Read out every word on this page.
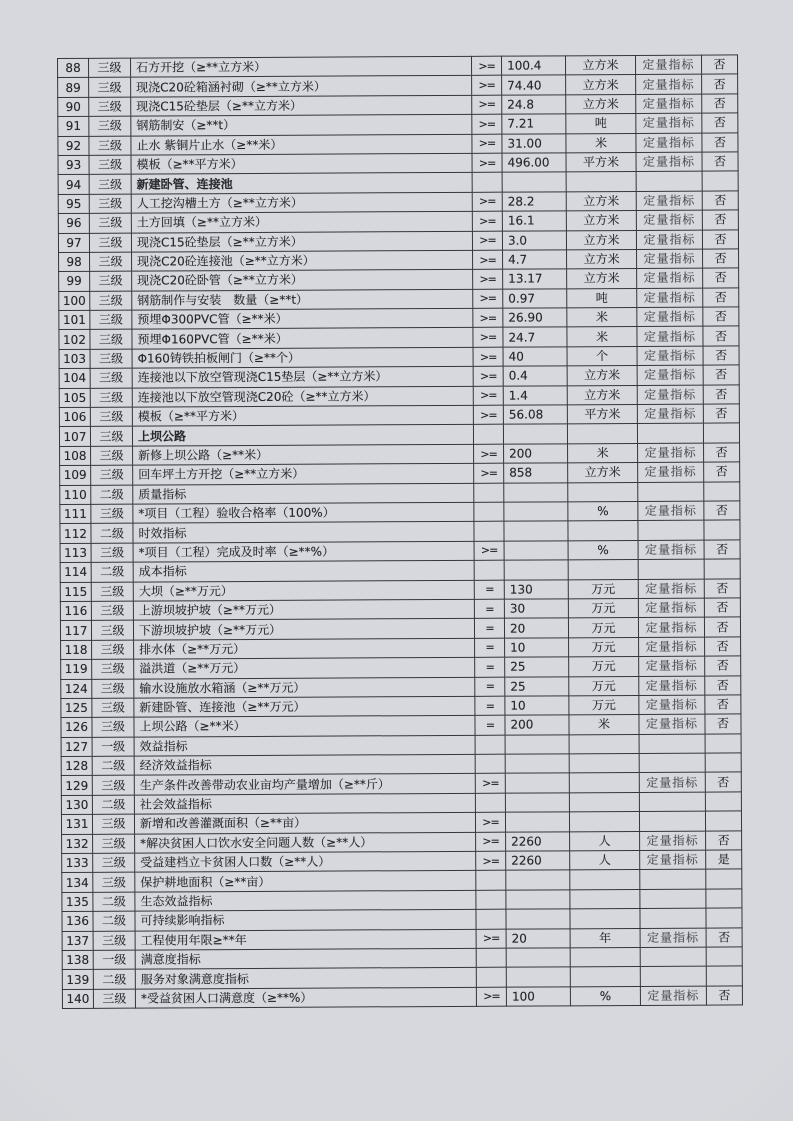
88	三级	石方开挖（≥**立方米）	>=	100.4	立方米	定量指标	否
89	三级	现浇C20砼箱涵衬砌（≥**立方米）	>=	74.40	立方米	定量指标	否
90	三级	现浇C15砼垫层（≥**立方米）	>=	24.8	立方米	定量指标	否
91	三级	钢筋制安（≥**t）	>=	7.21	吨	定量指标	否
92	三级	止水 紫铜片止水（≥**米）	>=	31.00	米	定量指标	否
93	三级	模板（≥**平方米）	>=	496.00	平方米	定量指标	否
94	三级	新建卧管、连接池					
95	三级	人工挖沟槽土方（≥**立方米）	>=	28.2	立方米	定量指标	否
96	三级	土方回填（≥**立方米）	>=	16.1	立方米	定量指标	否
97	三级	现浇C15砼垫层（≥**立方米）	>=	3.0	立方米	定量指标	否
98	三级	现浇C20砼连接池（≥**立方米）	>=	4.7	立方米	定量指标	否
99	三级	现浇C20砼卧管（≥**立方米）	>=	13.17	立方米	定量指标	否
100	三级	钢筋制作与安装　数量（≥**t）	>=	0.97	吨	定量指标	否
101	三级	预埋Φ300PVC管（≥**米）	>=	26.90	米	定量指标	否
102	三级	预埋Φ160PVC管（≥**米）	>=	24.7	米	定量指标	否
103	三级	Φ160铸铁拍板闸门（≥**个）	>=	40	个	定量指标	否
104	三级	连接池以下放空管现浇C15垫层（≥**立方米）	>=	0.4	立方米	定量指标	否
105	三级	连接池以下放空管现浇C20砼（≥**立方米）	>=	1.4	立方米	定量指标	否
106	三级	模板（≥**平方米）	>=	56.08	平方米	定量指标	否
107	三级	上坝公路					
108	三级	新修上坝公路（≥**米）	>=	200	米	定量指标	否
109	三级	回车坪土方开挖（≥**立方米）	>=	858	立方米	定量指标	否
110	二级	质量指标					
111	三级	*项目（工程）验收合格率（100%）			%	定量指标	否
112	二级	时效指标					
113	三级	*项目（工程）完成及时率（≥**%）	>=		%	定量指标	否
114	二级	成本指标					
115	三级	大坝（≥**万元）	=	130	万元	定量指标	否
116	三级	上游坝坡护坡（≥**万元）	=	30	万元	定量指标	否
117	三级	下游坝坡护坡（≥**万元）	=	20	万元	定量指标	否
118	三级	排水体（≥**万元）	=	10	万元	定量指标	否
119	三级	溢洪道（≥**万元）	=	25	万元	定量指标	否
124	三级	输水设施放水箱涵（≥**万元）	=	25	万元	定量指标	否
125	三级	新建卧管、连接池（≥**万元）	=	10	万元	定量指标	否
126	三级	上坝公路（≥**米）	=	200	米	定量指标	否
127	一级	效益指标					
128	二级	经济效益指标					
129	三级	生产条件改善带动农业亩均产量增加（≥**斤）	>=			定量指标	否
130	二级	社会效益指标					
131	三级	新增和改善灌溉面积（≥**亩）	>=				
132	三级	*解决贫困人口饮水安全问题人数（≥**人）	>=	2260	人	定量指标	否
133	三级	受益建档立卡贫困人口数（≥**人）	>=	2260	人	定量指标	是
134	三级	保护耕地面积（≥**亩）					
135	二级	生态效益指标					
136	二级	可持续影响指标					
137	三级	工程使用年限≥**年	>=	20	年	定量指标	否
138	一级	满意度指标					
139	二级	服务对象满意度指标					
140	三级	*受益贫困人口满意度（≥**%）	>=	100	%	定量指标	否
